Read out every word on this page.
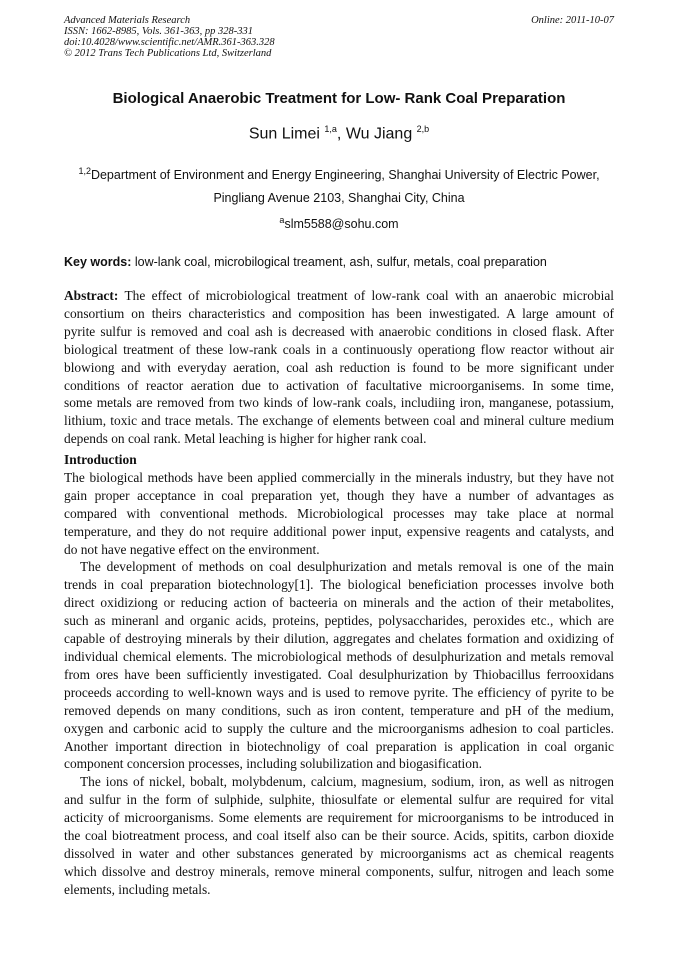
Advanced Materials Research
ISSN: 1662-8985, Vols. 361-363, pp 328-331
doi:10.4028/www.scientific.net/AMR.361-363.328
© 2012 Trans Tech Publications Ltd, Switzerland
Online: 2011-10-07
Biological Anaerobic Treatment for Low- Rank Coal Preparation
Sun Limei $^{1,a}$, Wu Jiang $^{2,b}$
$^{1,2}$Department of Environment and Energy Engineering, Shanghai University of Electric Power,
Pingliang Avenue 2103, Shanghai City, China
$^a$slm5588@sohu.com
Key words: low-lank coal, microbilogical treament, ash, sulfur, metals, coal preparation
Abstract: The effect of microbiological treatment of low-rank coal with an anaerobic microbial
consortium on theirs characteristics and composition has been inwestigated. A large amount of
pyrite sulfur is removed and coal ash is decreased with anaerobic conditions in closed flask. After
biological treatment of these low-rank coals in a continuously operationg flow reactor without air
blowiong and with everyday aeration, coal ash reduction is found to be more significant under
conditions of reactor aeration due to activation of facultative microorganisems. In some time,
some metals are removed from two kinds of low-rank coals, includiing iron, manganese, potassium,
lithium, toxic and trace metals. The exchange of elements between coal and mineral culture medium
depends on coal rank. Metal leaching is higher for higher rank coal.
Introduction
The biological methods have been applied commercially in the minerals industry, but they have not
gain proper acceptance in coal preparation yet, though they have a number of advantages as
compared with conventional methods. Microbiological processes may take place at normal
temperature, and they do not require additional power input, expensive reagents and catalysts, and
do not have negative effect on the environment.
The development of methods on coal desulphurization and metals removal is one of the main
trends in coal preparation biotechnology[1]. The biological beneficiation processes involve both
direct oxidiziong or reducing action of bacteeria on minerals and the action of their metabolites,
such as mineranl and organic acids, proteins, peptides, polysaccharides, peroxides etc., which are
capable of destroying minerals by their dilution, aggregates and chelates formation and oxidizing of
individual chemical elements. The microbiological methods of desulphurization and metals removal
from ores have been sufficiently investigated. Coal desulphurization by Thiobacillus ferrooxidans
proceeds according to well-known ways and is used to remove pyrite. The efficiency of pyrite to be
removed depends on many conditions, such as iron content, temperature and pH of the medium,
oxygen and carbonic acid to supply the culture and the microorganisms adhesion to coal particles.
Another important direction in biotechnoligy of coal preparation is application in coal organic
component concersion processes, including solubilization and biogasification.
The ions of nickel, bobalt, molybdenum, calcium, magnesium, sodium, iron, as well as nitrogen
and sulfur in the form of sulphide, sulphite, thiosulfate or elemental sulfur are required for vital
acticity of microorganisms. Some elements are requirement for microorganisms to be introduced in
the coal biotreatment process, and coal itself also can be their source. Acids, spitits, carbon dioxide
dissolved in water and other substances generated by microorganisms act as chemical reagents
which dissolve and destroy minerals, remove mineral components, sulfur, nitrogen and leach some
elements, including metals.
